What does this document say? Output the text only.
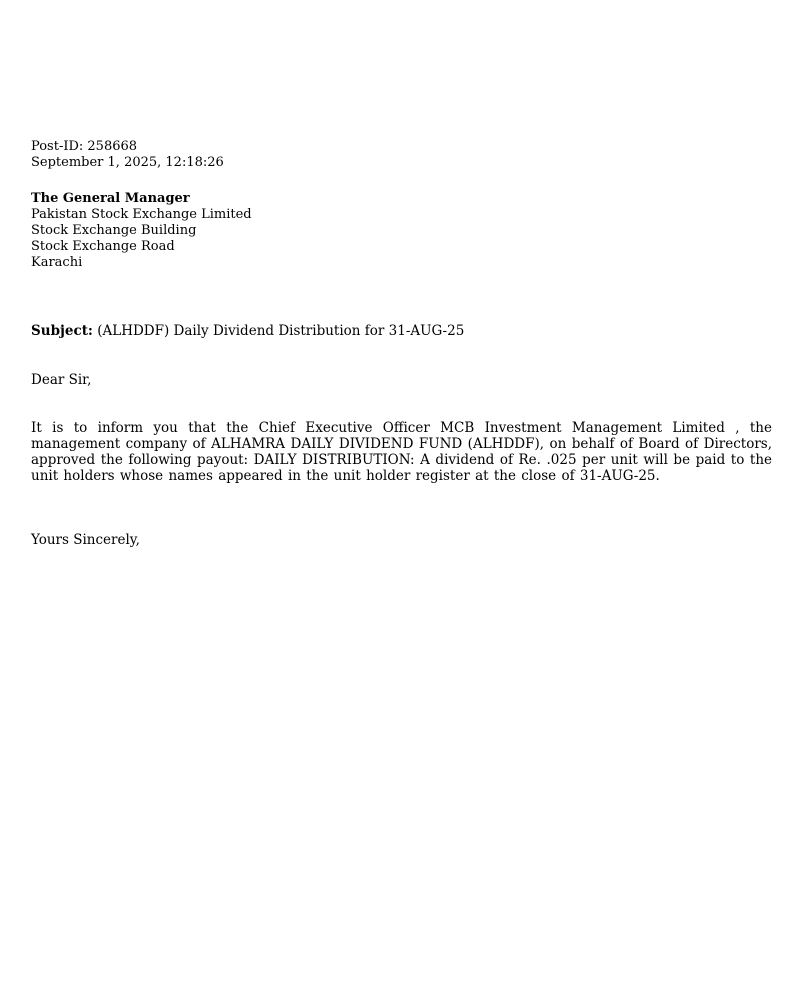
Post-ID: 258668
September 1, 2025, 12:18:26
The General Manager
Pakistan Stock Exchange Limited
Stock Exchange Building
Stock Exchange Road
Karachi
Subject: (ALHDDF) Daily Dividend Distribution for 31-AUG-25
Dear Sir,
It is to inform you that the Chief Executive Officer MCB Investment Management Limited , the management company of ALHAMRA DAILY DIVIDEND FUND (ALHDDF), on behalf of Board of Directors, approved the following payout: DAILY DISTRIBUTION: A dividend of Re. .025 per unit will be paid to the unit holders whose names appeared in the unit holder register at the close of 31-AUG-25.
Yours Sincerely,
